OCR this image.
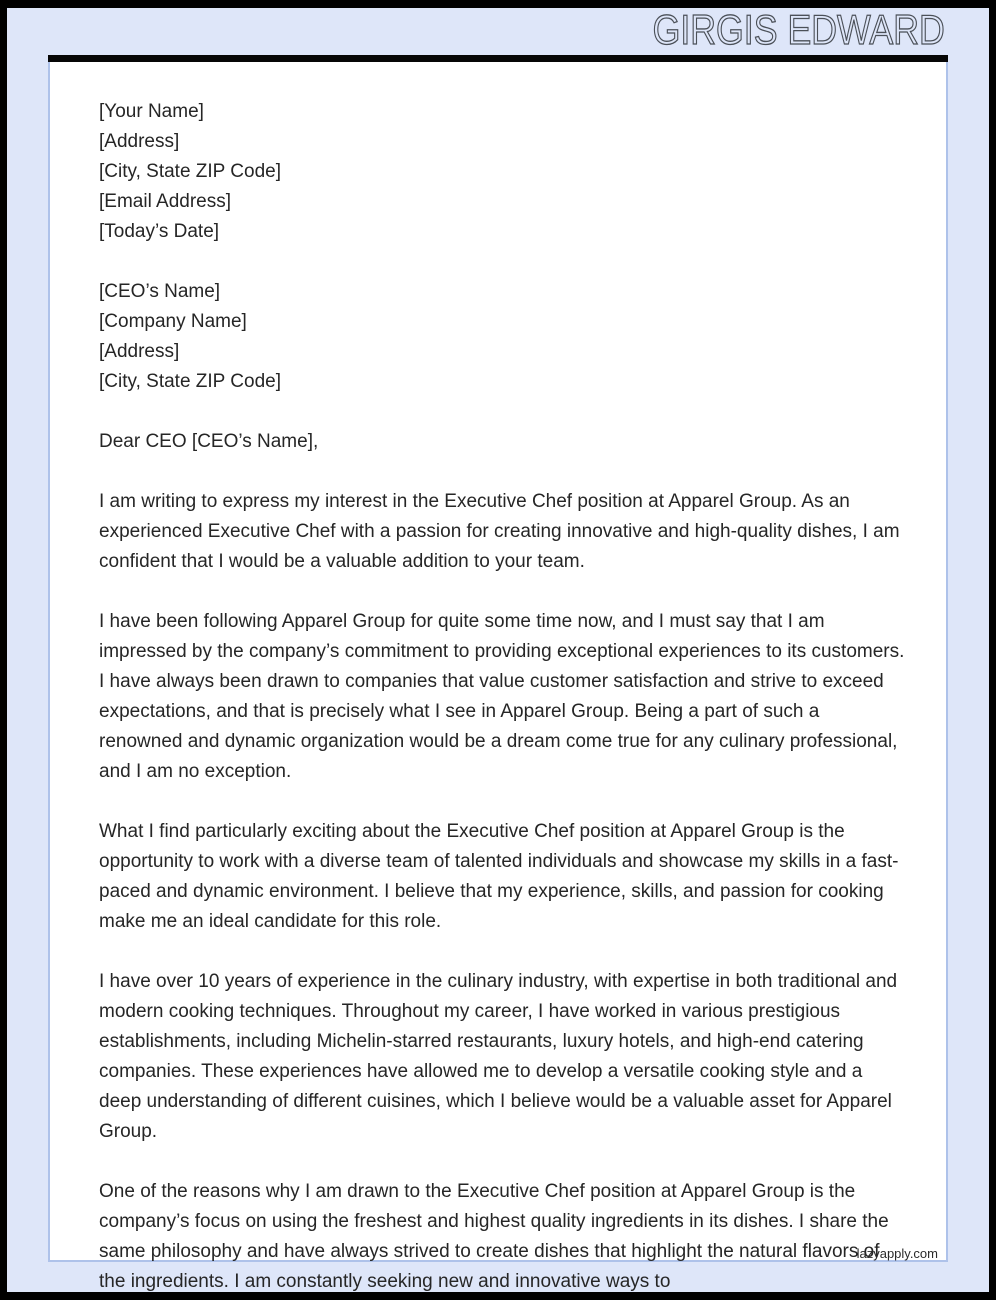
GIRGIS EDWARD
[Your Name]
[Address]
[City, State ZIP Code]
[Email Address]
[Today’s Date]
[CEO’s Name]
[Company Name]
[Address]
[City, State ZIP Code]

Dear CEO [CEO’s Name],

I am writing to express my interest in the Executive Chef position at Apparel Group. As an experienced Executive Chef with a passion for creating innovative and high-quality dishes, I am confident that I would be a valuable addition to your team.

I have been following Apparel Group for quite some time now, and I must say that I am impressed by the company’s commitment to providing exceptional experiences to its customers. I have always been drawn to companies that value customer satisfaction and strive to exceed expectations, and that is precisely what I see in Apparel Group. Being a part of such a renowned and dynamic organization would be a dream come true for any culinary professional, and I am no exception.

What I find particularly exciting about the Executive Chef position at Apparel Group is the opportunity to work with a diverse team of talented individuals and showcase my skills in a fast-paced and dynamic environment. I believe that my experience, skills, and passion for cooking make me an ideal candidate for this role.

I have over 10 years of experience in the culinary industry, with expertise in both traditional and modern cooking techniques. Throughout my career, I have worked in various prestigious establishments, including Michelin-starred restaurants, luxury hotels, and high-end catering companies. These experiences have allowed me to develop a versatile cooking style and a deep understanding of different cuisines, which I believe would be a valuable asset for Apparel Group.

One of the reasons why I am drawn to the Executive Chef position at Apparel Group is the company’s focus on using the freshest and highest quality ingredients in its dishes. I share the same philosophy and have always strived to create dishes that highlight the natural flavors of the ingredients. I am constantly seeking new and innovative ways to

lazyapply.com
